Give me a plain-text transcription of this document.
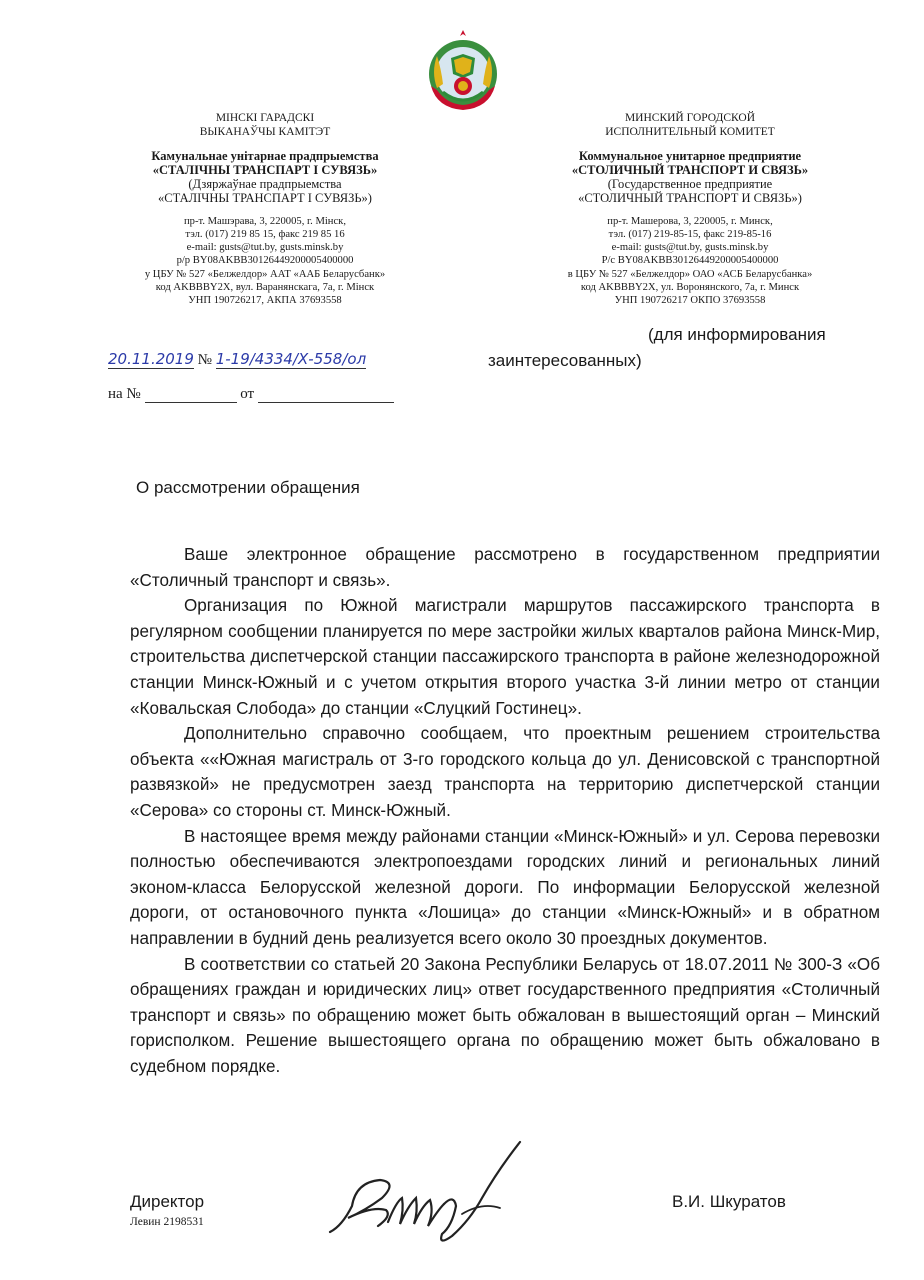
МІНСКІ ГАРАДСКІ
ВЫКАНАЎЧЫ КАМІТЭТ
Камунальнае унітарнае прадпрыемства
«СТАЛІЧНЫ ТРАНСПАРТ І СУВЯЗЬ»
(Дзяржаўнае прадпрыемства
«СТАЛІЧНЫ ТРАНСПАРТ І СУВЯЗЬ»)
пр-т. Машэрава, 3, 220005, г. Мінск,
тэл. (017) 219 85 15, факс 219 85 16
e-mail: gusts@tut.by, gusts.minsk.by
р/р BY08AKBB30126449200005400000
у ЦБУ № 527 «Белжелдор» ААТ «ААБ Беларусбанк»
код AKBBBY2X, вул. Варанянскага, 7а, г. Мінск
УНП 190726217, АКПА 37693558
МИНСКИЙ ГОРОДСКОЙ
ИСПОЛНИТЕЛЬНЫЙ КОМИТЕТ
Коммунальное унитарное предприятие
«СТОЛИЧНЫЙ ТРАНСПОРТ И СВЯЗЬ»
(Государственное предприятие
«СТОЛИЧНЫЙ ТРАНСПОРТ И СВЯЗЬ»)
пр-т. Машерова, 3, 220005, г. Минск,
тэл. (017) 219-85-15, факс 219-85-16
e-mail: gusts@tut.by, gusts.minsk.by
Р/с BY08AKBB30126449200005400000
в ЦБУ № 527 «Белжелдор» ОАО «АСБ Беларусбанка»
код AKBBBY2X, ул. Воронянского, 7а, г. Минск
УНП 190726217 ОКПО 37693558
(для информирования
заинтересованных)
20.11.2019 № 1-19/4334/Х-558/ол
на №	от
О рассмотрении обращения

Ваше электронное обращение рассмотрено в государственном предприятии «Столичный транспорт и связь».

Организация по Южной магистрали маршрутов пассажирского транспорта в регулярном сообщении планируется по мере застройки жилых кварталов района Минск-Мир, строительства диспетчерской станции пассажирского транспорта в районе железнодорожной станции Минск-Южный и с учетом открытия второго участка 3-й линии метро от станции «Ковальская Слобода» до станции «Слуцкий Гостинец».

Дополнительно справочно сообщаем, что проектным решением строительства объекта ««Южная магистраль от 3-го городского кольца до ул. Денисовской с транспортной развязкой» не предусмотрен заезд транспорта на территорию диспетчерской станции «Серова» со стороны ст. Минск-Южный.

В настоящее время между районами станции «Минск-Южный» и ул. Серова перевозки полностью обеспечиваются электропоездами городских линий и региональных линий эконом-класса Белорусской железной дороги. По информации Белорусской железной дороги, от остановочного пункта «Лошица» до станции «Минск-Южный» и в обратном направлении в будний день реализуется всего около 30 проездных документов.

В соответствии со статьей 20 Закона Республики Беларусь от 18.07.2011 № 300-З «Об обращениях граждан и юридических лиц» ответ государственного предприятия «Столичный транспорт и связь» по обращению может быть обжалован в вышестоящий орган – Минский горисполком. Решение вышестоящего органа по обращению может быть обжаловано в судебном порядке.

Директор
Левин 2198531
В.И. Шкуратов
